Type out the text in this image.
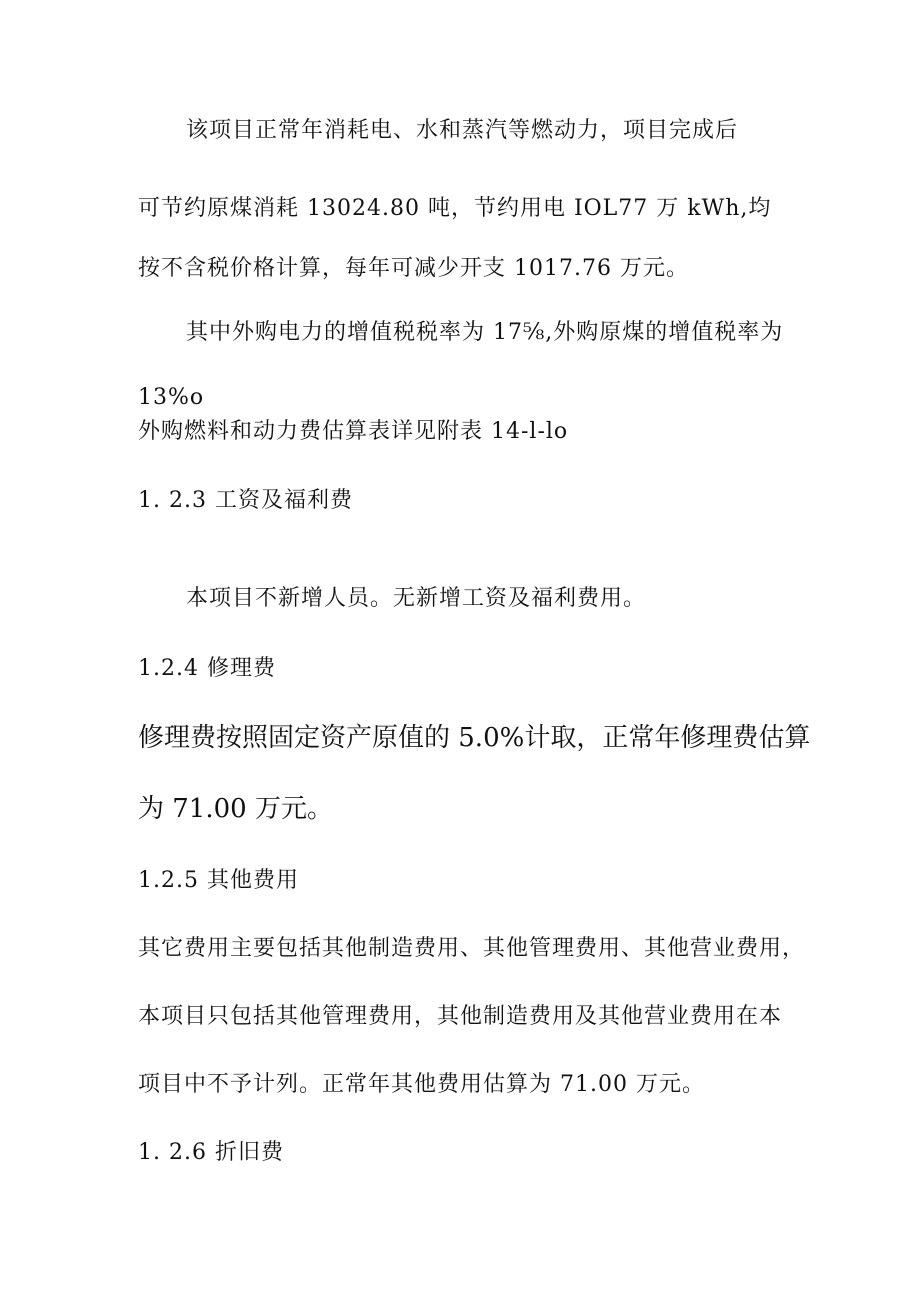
该项目正常年消耗电、水和蒸汽等燃动力，项目完成后
可节约原煤消耗 13024.80 吨，节约用电 IOL77 万 kWh,均
按不含税价格计算，每年可减少开支 1017.76 万元。
其中外购电力的增值税税率为 17⅝,外购原煤的增值税率为
13%o
外购燃料和动力费估算表详见附表 14-l-lo
1. 2.3 工资及福利费
本项目不新增人员。无新增工资及福利费用。
1.2.4 修理费
修理费按照固定资产原值的 5.0%计取，正常年修理费估算
为 71.00 万元。
1.2.5 其他费用
其它费用主要包括其他制造费用、其他管理费用、其他营业费用，
本项目只包括其他管理费用，其他制造费用及其他营业费用在本
项目中不予计列。正常年其他费用估算为 71.00 万元。
1. 2.6 折旧费
